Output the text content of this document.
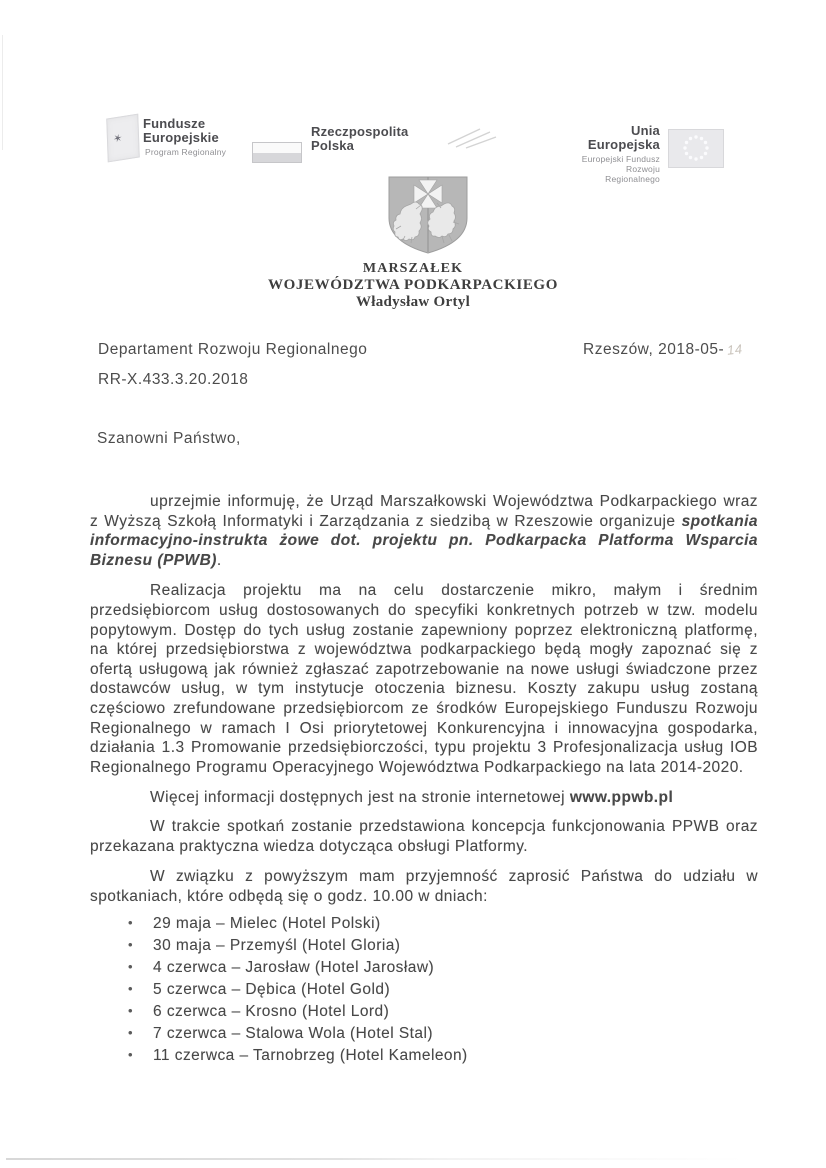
✶
Fundusze
Europejskie
Program Regionalny
Rzeczpospolita
Polska
Unia Europejska
Europejski Fundusz
Rozwoju Regionalnego
MARSZAŁEK
WOJEWÓDZTWA PODKARPACKIEGO
Władysław Ortyl
Departament Rozwoju Regionalnego	Rzeszów, 2018-05- 14
RR-X.433.3.20.2018
Szanowni Państwo,

uprzejmie informuję, że Urząd Marszałkowski Województwa Podkarpackiego wraz z Wyższą Szkołą Informatyki i Zarządzania z siedzibą w Rzeszowie organizuje spotkania informacyjno-instrukta żowe dot. projektu pn. Podkarpacka Platforma Wsparcia Biznesu (PPWB).

Realizacja projektu ma na celu dostarczenie mikro, małym i średnim przedsiębiorcom usług dostosowanych do specyfiki konkretnych potrzeb w tzw. modelu popytowym. Dostęp do tych usług zostanie zapewniony poprzez elektroniczną platformę, na której przedsiębiorstwa z województwa podkarpackiego będą mogły zapoznać się z ofertą usługową jak również zgłaszać zapotrzebowanie na nowe usługi świadczone przez dostawców usług, w tym instytucje otoczenia biznesu. Koszty zakupu usług zostaną częściowo zrefundowane przedsiębiorcom ze środków Europejskiego Funduszu Rozwoju Regionalnego w ramach I Osi priorytetowej Konkurencyjna i innowacyjna gospodarka, działania 1.3 Promowanie przedsiębiorczości, typu projektu 3 Profesjonalizacja usług IOB Regionalnego Programu Operacyjnego Województwa Podkarpackiego na lata 2014-2020.

Więcej informacji dostępnych jest na stronie internetowej www.ppwb.pl

W trakcie spotkań zostanie przedstawiona koncepcja funkcjonowania PPWB oraz przekazana praktyczna wiedza dotycząca obsługi Platformy.

W związku z powyższym mam przyjemność zaprosić Państwa do udziału w spotkaniach, które odbędą się o godz. 10.00 w dniach:

• 29 maja – Mielec (Hotel Polski)
• 30 maja – Przemyśl (Hotel Gloria)
• 4 czerwca – Jarosław (Hotel Jarosław)
• 5 czerwca – Dębica (Hotel Gold)
• 6 czerwca – Krosno (Hotel Lord)
• 7 czerwca – Stalowa Wola (Hotel Stal)
• 11 czerwca – Tarnobrzeg (Hotel Kameleon)
